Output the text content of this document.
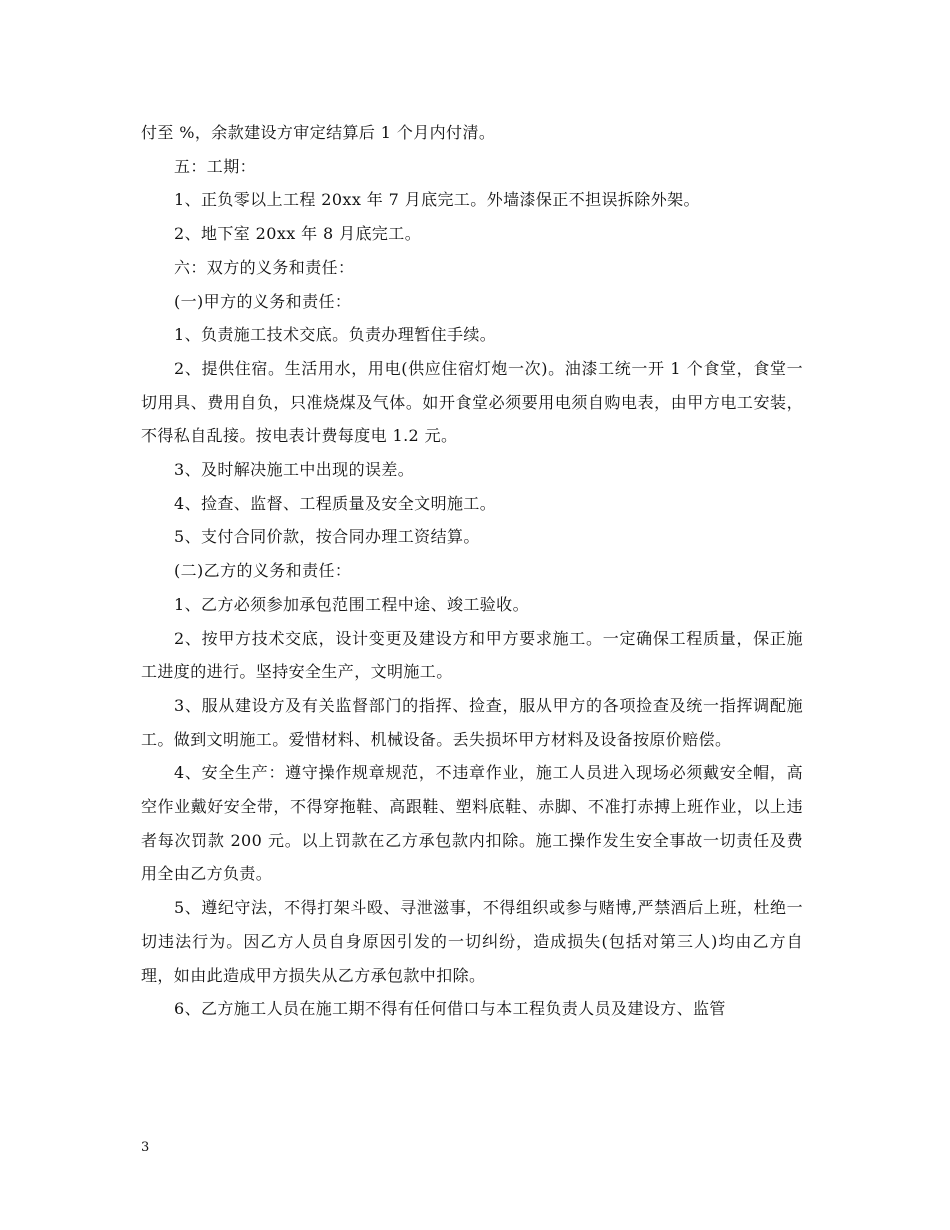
付至 %，余款建设方审定结算后 1 个月内付清。

五：工期：

1、正负零以上工程 20xx 年 7 月底完工。外墙漆保正不担误拆除外架。

2、地下室 20xx 年 8 月底完工。

六：双方的义务和责任：

(一)甲方的义务和责任：

1、负责施工技术交底。负责办理暂住手续。

2、提供住宿。生活用水，用电(供应住宿灯炮一次)。油漆工统一开 1 个食堂，食堂一切用具、费用自负，只准烧煤及气体。如开食堂必须要用电须自购电表，由甲方电工安装，不得私自乱接。按电表计费每度电 1.2 元。

3、及时解决施工中出现的误差。

4、捡查、监督、工程质量及安全文明施工。

5、支付合同价款，按合同办理工资结算。

(二)乙方的义务和责任：

1、乙方必须参加承包范围工程中途、竣工验收。

2、按甲方技术交底，设计变更及建设方和甲方要求施工。一定确保工程质量，保正施工进度的进行。坚持安全生产，文明施工。

3、服从建设方及有关监督部门的指挥、捡查，服从甲方的各项捡查及统一指挥调配施工。做到文明施工。爱惜材料、机械设备。丢失损坏甲方材料及设备按原价赔偿。

4、安全生产：遵守操作规章规范，不违章作业，施工人员进入现场必须戴安全帽，高空作业戴好安全带，不得穿拖鞋、高跟鞋、塑料底鞋、赤脚、不准打赤搏上班作业，以上违者每次罚款 200 元。以上罚款在乙方承包款内扣除。施工操作发生安全事故一切责任及费用全由乙方负责。

5、遵纪守法，不得打架斗殴、寻泄滋事，不得组织或参与赌博,严禁酒后上班，杜绝一切违法行为。因乙方人员自身原因引发的一切纠纷，造成损失(包括对第三人)均由乙方自理，如由此造成甲方损失从乙方承包款中扣除。

6、乙方施工人员在施工期不得有任何借口与本工程负责人员及建设方、监管

3
